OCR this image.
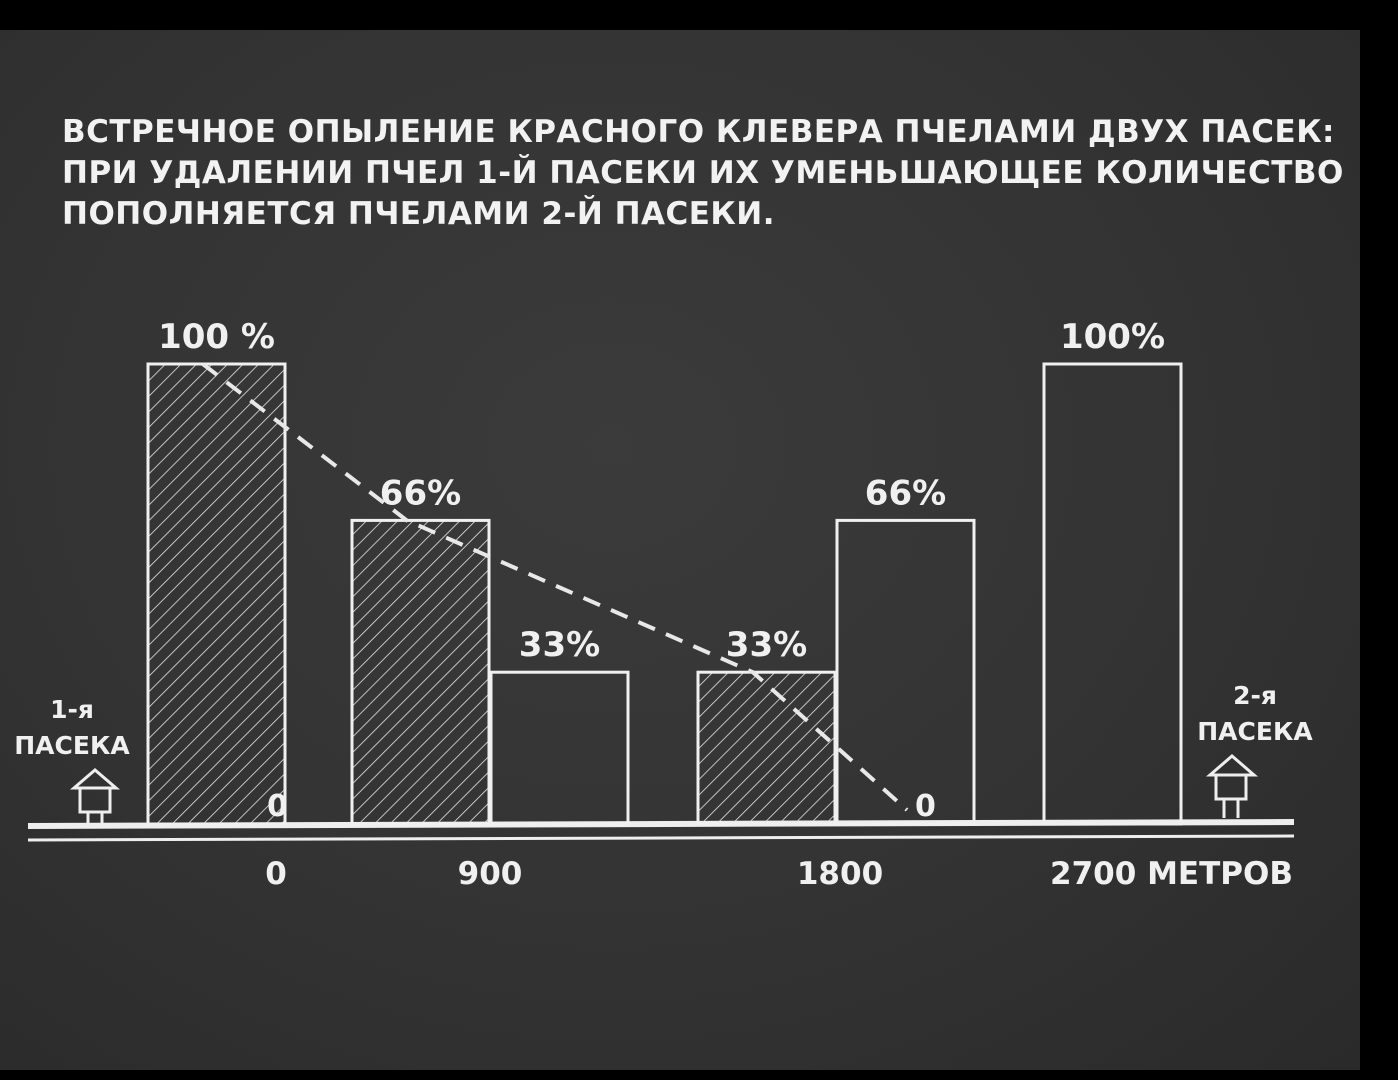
ВСТРЕЧНОЕ ОПЫЛЕНИЕ КРАСНОГО КЛЕВЕРА ПЧЕЛАМИ ДВУХ ПАСЕК:
ПРИ УДАЛЕНИИ ПЧЕЛ 1-Й ПАСЕКИ ИХ УМЕНЬШАЮЩЕЕ КОЛИЧЕСТВО
ПОПОЛНЯЕТСЯ ПЧЕЛАМИ 2-Й ПАСЕКИ.
1-я
ПАСЕКА
2-я
ПАСЕКА
100 %
0
0
66%
33%
900
33%
66%
1800
0
100%
2700 МЕТРОВ
